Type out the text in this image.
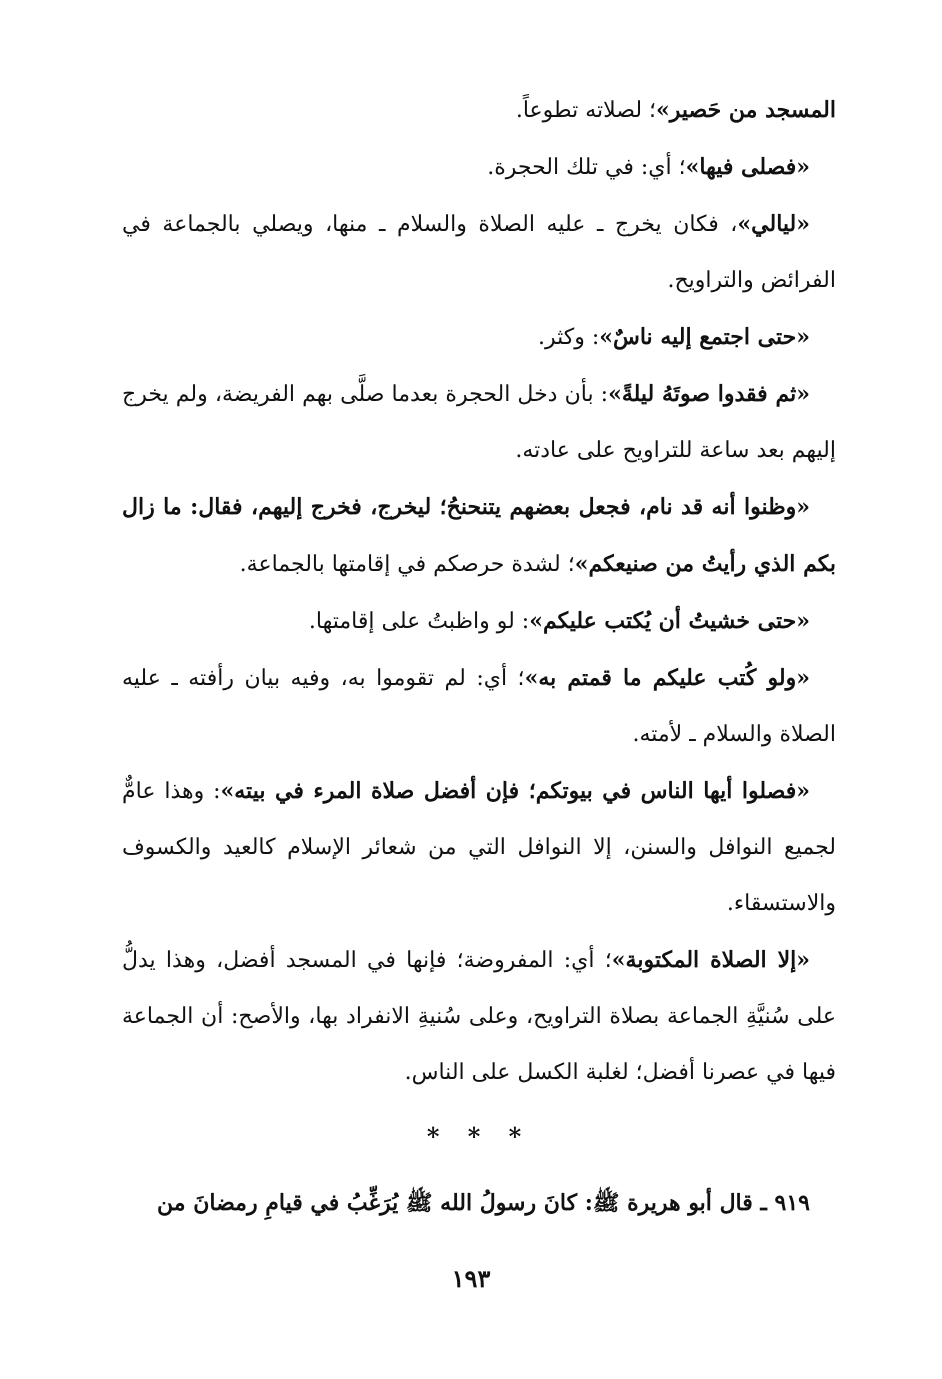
المسجد من حَصير»؛ لصلاته تطوعاً.

«فصلى فيها»؛ أي: في تلك الحجرة.

«ليالي»، فكان يخرج ـ عليه الصلاة والسلام ـ منها، ويصلي بالجماعة في الفرائض والتراويح.

«حتى اجتمع إليه ناسٌ»: وكثر.

«ثم فقدوا صوتَهُ ليلةً»: بأن دخل الحجرة بعدما صلَّى بهم الفريضة، ولم يخرج إليهم بعد ساعة للتراويح على عادته.

«وظنوا أنه قد نام، فجعل بعضهم يتنحنحُ؛ ليخرج، فخرج إليهم، فقال: ما زال بكم الذي رأيتُ من صنيعكم»؛ لشدة حرصكم في إقامتها بالجماعة.

«حتى خشيتُ أن يُكتب عليكم»: لو واظبتُ على إقامتها.

«ولو كُتب عليكم ما قمتم به»؛ أي: لم تقوموا به، وفيه بيان رأفته ـ عليه الصلاة والسلام ـ لأمته.

«فصلوا أيها الناس في بيوتكم؛ فإن أفضل صلاة المرء في بيته»: وهذا عامٌّ لجميع النوافل والسنن، إلا النوافل التي من شعائر الإسلام كالعيد والكسوف والاستسقاء.

«إلا الصلاة المكتوبة»؛ أي: المفروضة؛ فإنها في المسجد أفضل، وهذا يدلُّ على سُنيَّةِ الجماعة بصلاة التراويح، وعلى سُنيةِ الانفراد بها، والأصح: أن الجماعة فيها في عصرنا أفضل؛ لغلبة الكسل على الناس.

* * *

٩١٩ ـ قال أبو هريرة ﷺ: كانَ رسولُ الله ﷺ يُرَغِّبُ في قيامِ رمضانَ من

١٩٣
